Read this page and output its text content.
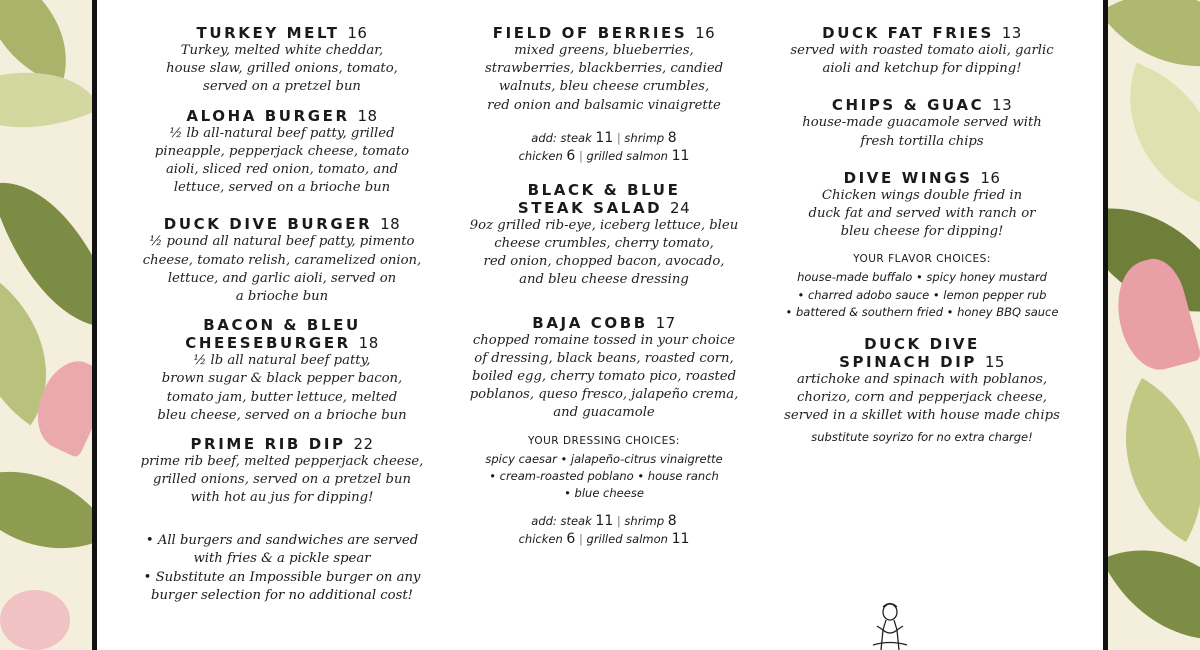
TURKEY MELT 16
Turkey, melted white cheddar,
house slaw, grilled onions, tomato,
served on a pretzel bun
ALOHA BURGER 18
½ lb all-natural beef patty, grilled
pineapple, pepperjack cheese, tomato
aioli, sliced red onion, tomato, and
lettuce, served on a brioche bun
DUCK DIVE BURGER 18
½ pound all natural beef patty, pimento
cheese, tomato relish, caramelized onion,
lettuce, and garlic aioli, served on
a brioche bun
BACON & BLEU
CHEESEBURGER 18
½ lb all natural beef patty,
brown sugar & black pepper bacon,
tomato jam, butter lettuce, melted
bleu cheese, served on a brioche bun
PRIME RIB DIP 22
prime rib beef, melted pepperjack cheese,
grilled onions, served on a pretzel bun
with hot au jus for dipping!
• All burgers and sandwiches are served
with fries & a pickle spear
• Substitute an Impossible burger on any
burger selection for no additional cost!
FIELD OF BERRIES 16
mixed greens, blueberries,
strawberries, blackberries, candied
walnuts, bleu cheese crumbles,
red onion and balsamic vinaigrette
add: steak 11 | shrimp 8
chicken 6 | grilled salmon 11
BLACK & BLUE
STEAK SALAD 24
9oz grilled rib-eye, iceberg lettuce, bleu
cheese crumbles, cherry tomato,
red onion, chopped bacon, avocado,
and bleu cheese dressing
BAJA COBB 17
chopped romaine tossed in your choice
of dressing, black beans, roasted corn,
boiled egg, cherry tomato pico, roasted
poblanos, queso fresco, jalapeño crema,
and guacamole
YOUR DRESSING CHOICES:
spicy caesar • jalapeño-citrus vinaigrette
• cream-roasted poblano • house ranch
• blue cheese
add: steak 11 | shrimp 8
chicken 6 | grilled salmon 11
DUCK FAT FRIES 13
served with roasted tomato aioli, garlic
aioli and ketchup for dipping!
CHIPS & GUAC 13
house-made guacamole served with
fresh tortilla chips
DIVE WINGS 16
Chicken wings double fried in
duck fat and served with ranch or
bleu cheese for dipping!
YOUR FLAVOR CHOICES:
house-made buffalo • spicy honey mustard
• charred adobo sauce • lemon pepper rub
• battered & southern fried • honey BBQ sauce
DUCK DIVE
SPINACH DIP 15
artichoke and spinach with poblanos,
chorizo, corn and pepperjack cheese,
served in a skillet with house made chips
substitute soyrizo for no extra charge!
